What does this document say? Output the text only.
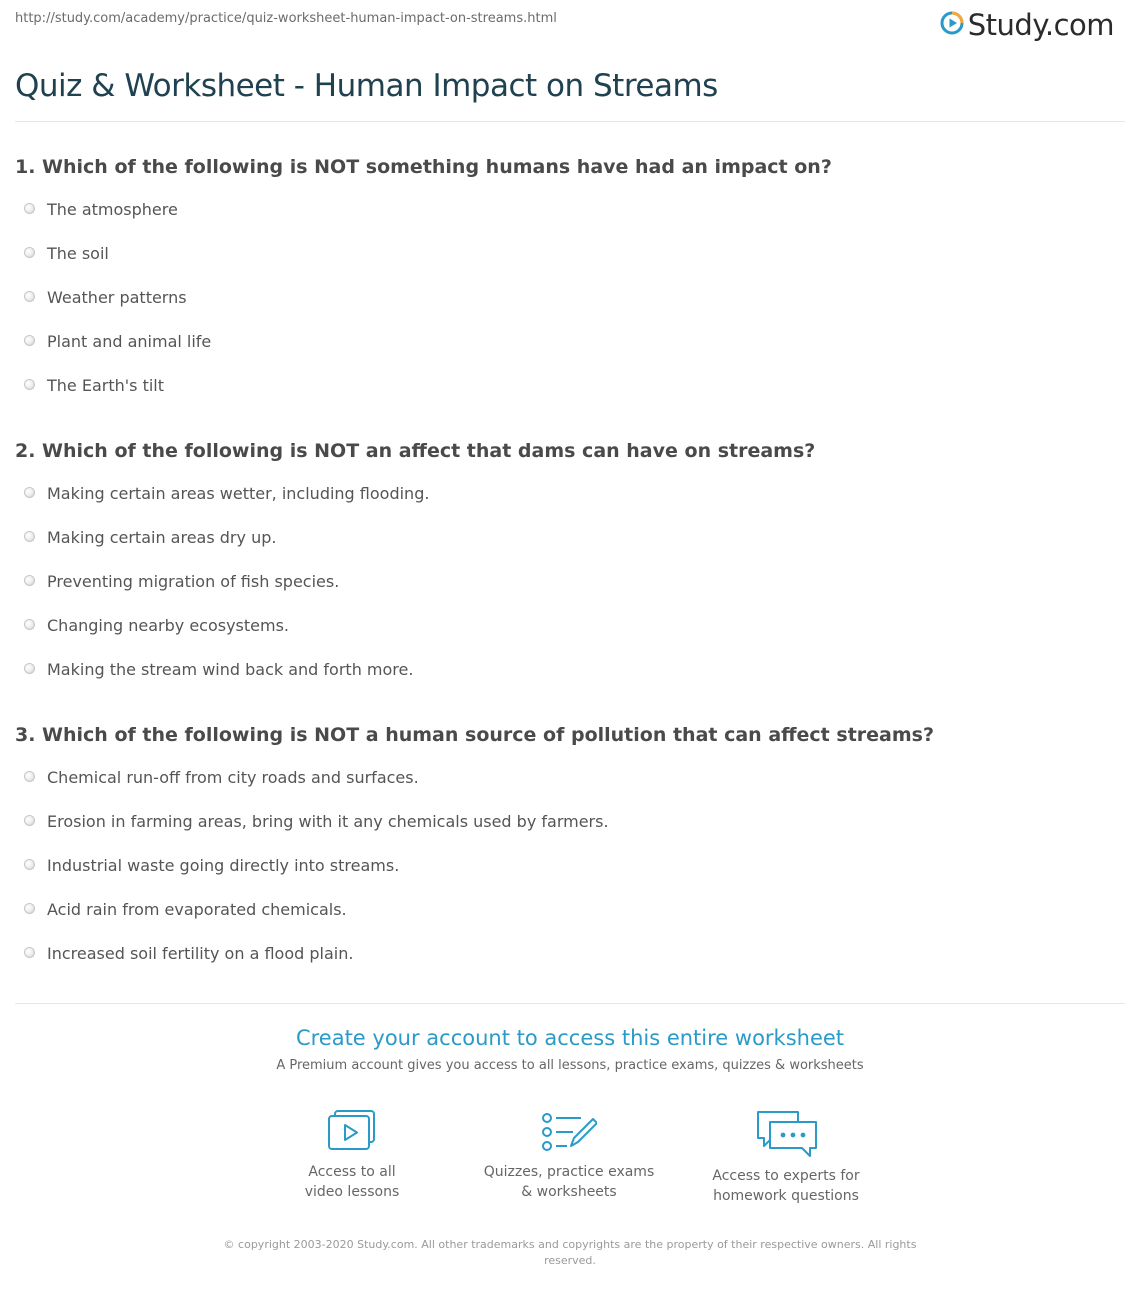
http://study.com/academy/practice/quiz-worksheet-human-impact-on-streams.html	Study.com
Quiz & Worksheet - Human Impact on Streams
1. Which of the following is NOT something humans have had an impact on?
The atmosphere
The soil
Weather patterns
Plant and animal life
The Earth's tilt
2. Which of the following is NOT an affect that dams can have on streams?
Making certain areas wetter, including flooding.
Making certain areas dry up.
Preventing migration of fish species.
Changing nearby ecosystems.
Making the stream wind back and forth more.
3. Which of the following is NOT a human source of pollution that can affect streams?
Chemical run-off from city roads and surfaces.
Erosion in farming areas, bring with it any chemicals used by farmers.
Industrial waste going directly into streams.
Acid rain from evaporated chemicals.
Increased soil fertility on a flood plain.
Create your account to access this entire worksheet
A Premium account gives you access to all lessons, practice exams, quizzes & worksheets
Access to all
video lessons
Quizzes, practice exams
& worksheets
Access to experts for
homework questions
© copyright 2003-2020 Study.com. All other trademarks and copyrights are the property of their respective owners. All rights reserved.
